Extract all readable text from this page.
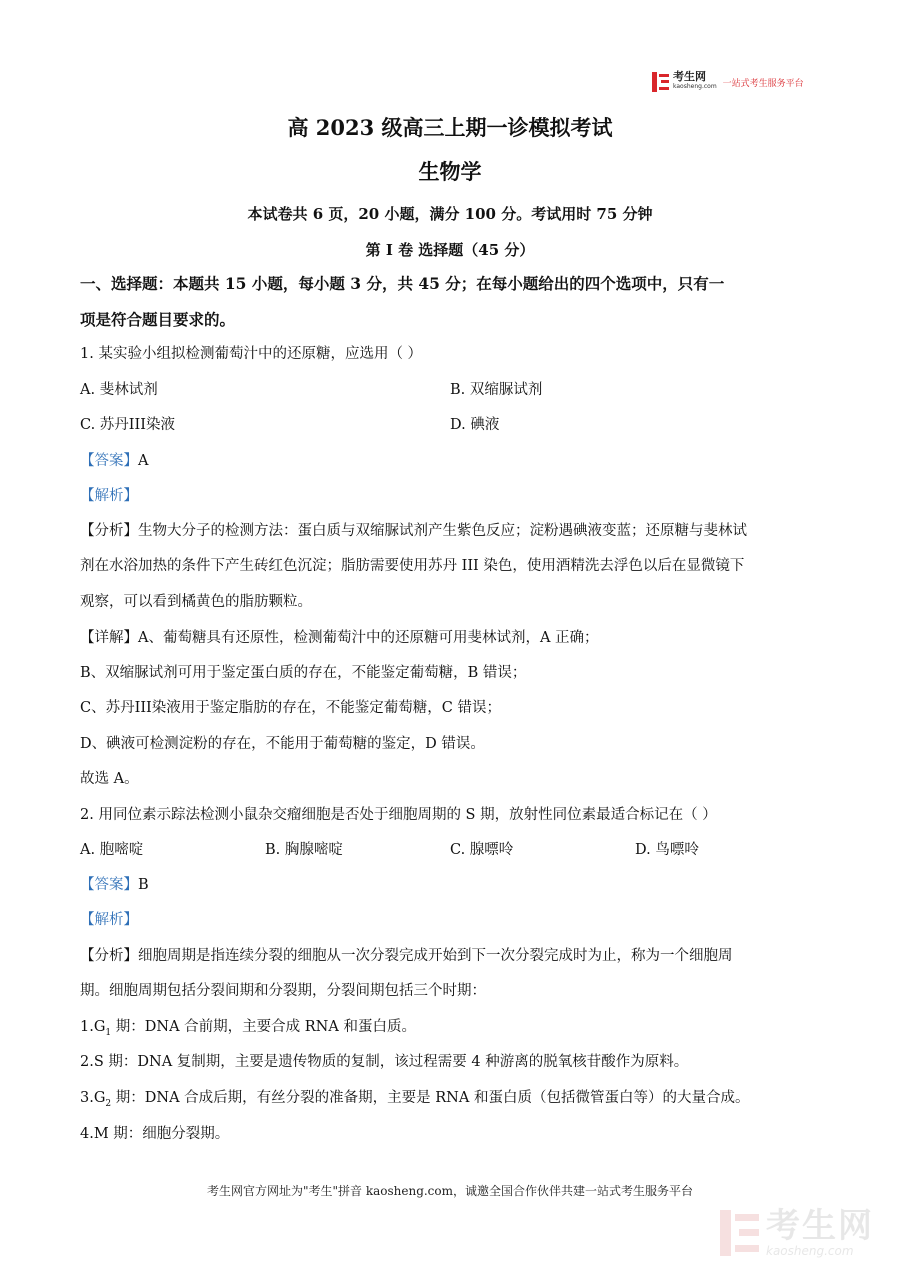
考生网
kaosheng.com 一站式考生服务平台
高 2023 级高三上期一诊模拟考试
生物学
本试卷共 6 页，20 小题，满分 100 分。考试用时 75 分钟
第 I 卷 选择题（45 分）
一、选择题：本题共 15 小题，每小题 3 分，共 45 分；在每小题给出的四个选项中，只有一
项是符合题目要求的。
1. 某实验小组拟检测葡萄汁中的还原糖，应选用（ ）
A. 斐林试剂	B. 双缩脲试剂
C. 苏丹III染液	D. 碘液
【答案】A
【解析】
【分析】生物大分子的检测方法：蛋白质与双缩脲试剂产生紫色反应；淀粉遇碘液变蓝；还原糖与斐林试
剂在水浴加热的条件下产生砖红色沉淀；脂肪需要使用苏丹 III 染色，使用酒精洗去浮色以后在显微镜下
观察，可以看到橘黄色的脂肪颗粒。
【详解】A、葡萄糖具有还原性，检测葡萄汁中的还原糖可用斐林试剂，A 正确；
B、双缩脲试剂可用于鉴定蛋白质的存在，不能鉴定葡萄糖，B 错误；
C、苏丹III染液用于鉴定脂肪的存在，不能鉴定葡萄糖，C 错误；
D、碘液可检测淀粉的存在，不能用于葡萄糖的鉴定，D 错误。
故选 A。
2. 用同位素示踪法检测小鼠杂交瘤细胞是否处于细胞周期的 S 期，放射性同位素最适合标记在（ ）
A. 胞嘧啶	B. 胸腺嘧啶	C. 腺嘌呤	D. 鸟嘌呤
【答案】B
【解析】
【分析】细胞周期是指连续分裂的细胞从一次分裂完成开始到下一次分裂完成时为止，称为一个细胞周
期。细胞周期包括分裂间期和分裂期，分裂间期包括三个时期：
$1.G_1$ 期：DNA 合前期，主要合成 RNA 和蛋白质。
2.S 期：DNA 复制期，主要是遗传物质的复制，该过程需要 4 种游离的脱氧核苷酸作为原料。
$3.G_2$ 期：DNA 合成后期，有丝分裂的准备期，主要是 RNA 和蛋白质（包括微管蛋白等）的大量合成。
4.M 期：细胞分裂期。
考生网官方网址为"考生"拼音 kaosheng.com，诚邀全国合作伙伴共建一站式考生服务平台
考生网
kaosheng.com
